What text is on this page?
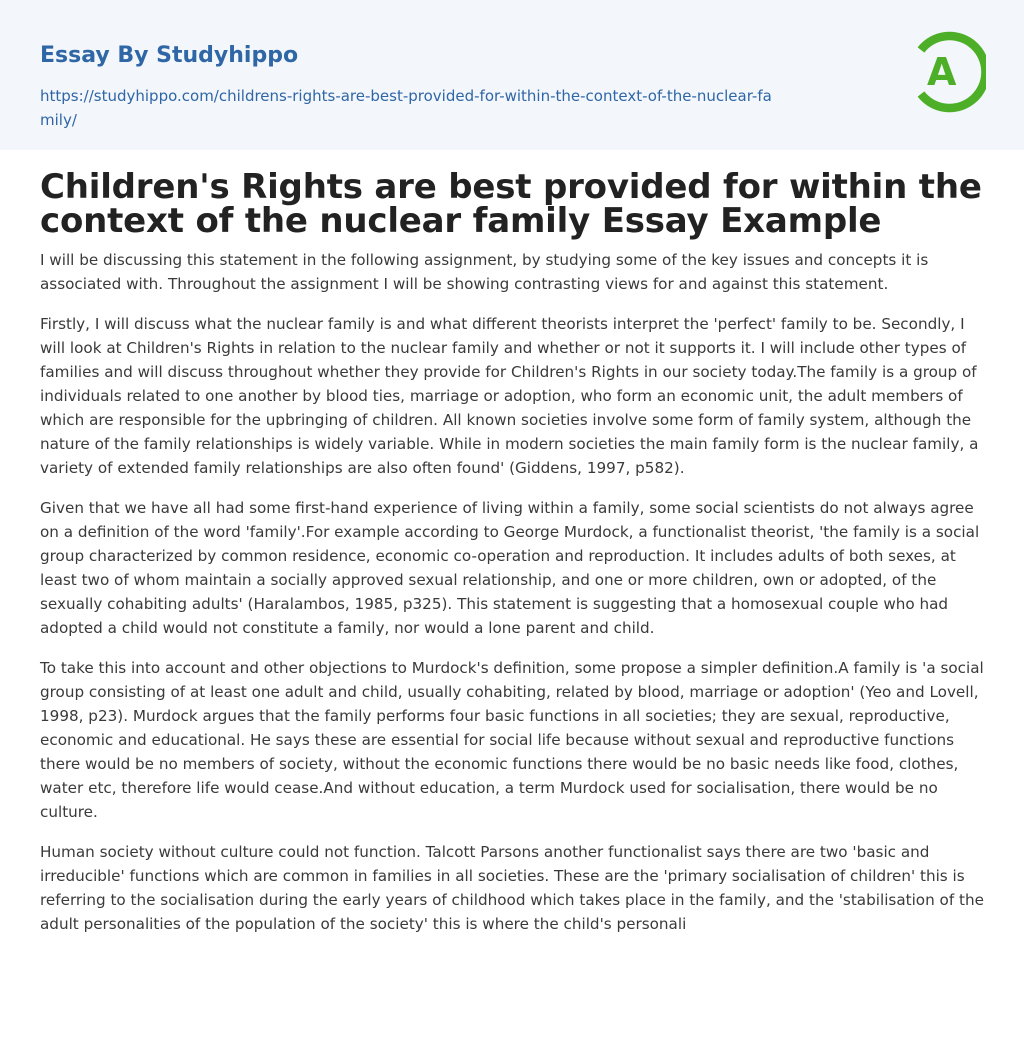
Essay By Studyhippo
https://studyhippo.com/childrens-rights-are-best-provided-for-within-the-context-of-the-nuclear-family/
A
Children's Rights are best provided for within the context of the nuclear family Essay Example

I will be discussing this statement in the following assignment, by studying some of the key issues and concepts it is associated with. Throughout the assignment I will be showing contrasting views for and against this statement.

Firstly, I will discuss what the nuclear family is and what different theorists interpret the 'perfect' family to be. Secondly, I will look at Children's Rights in relation to the nuclear family and whether or not it supports it. I will include other types of families and will discuss throughout whether they provide for Children's Rights in our society today.The family is a group of individuals related to one another by blood ties, marriage or adoption, who form an economic unit, the adult members of which are responsible for the upbringing of children. All known societies involve some form of family system, although the nature of the family relationships is widely variable. While in modern societies the main family form is the nuclear family, a variety of extended family relationships are also often found' (Giddens, 1997, p582).

Given that we have all had some first-hand experience of living within a family, some social scientists do not always agree on a definition of the word 'family'.For example according to George Murdock, a functionalist theorist, 'the family is a social group characterized by common residence, economic co-operation and reproduction. It includes adults of both sexes, at least two of whom maintain a socially approved sexual relationship, and one or more children, own or adopted, of the sexually cohabiting adults' (Haralambos, 1985, p325). This statement is suggesting that a homosexual couple who had adopted a child would not constitute a family, nor would a lone parent and child.

To take this into account and other objections to Murdock's definition, some propose a simpler definition.A family is 'a social group consisting of at least one adult and child, usually cohabiting, related by blood, marriage or adoption' (Yeo and Lovell, 1998, p23). Murdock argues that the family performs four basic functions in all societies; they are sexual, reproductive, economic and educational. He says these are essential for social life because without sexual and reproductive functions there would be no members of society, without the economic functions there would be no basic needs like food, clothes, water etc, therefore life would cease.And without education, a term Murdock used for socialisation, there would be no culture.

Human society without culture could not function. Talcott Parsons another functionalist says there are two 'basic and irreducible' functions which are common in families in all societies. These are the 'primary socialisation of children' this is referring to the socialisation during the early years of childhood which takes place in the family, and the 'stabilisation of the adult personalities of the population of the society' this is where the child's personali
